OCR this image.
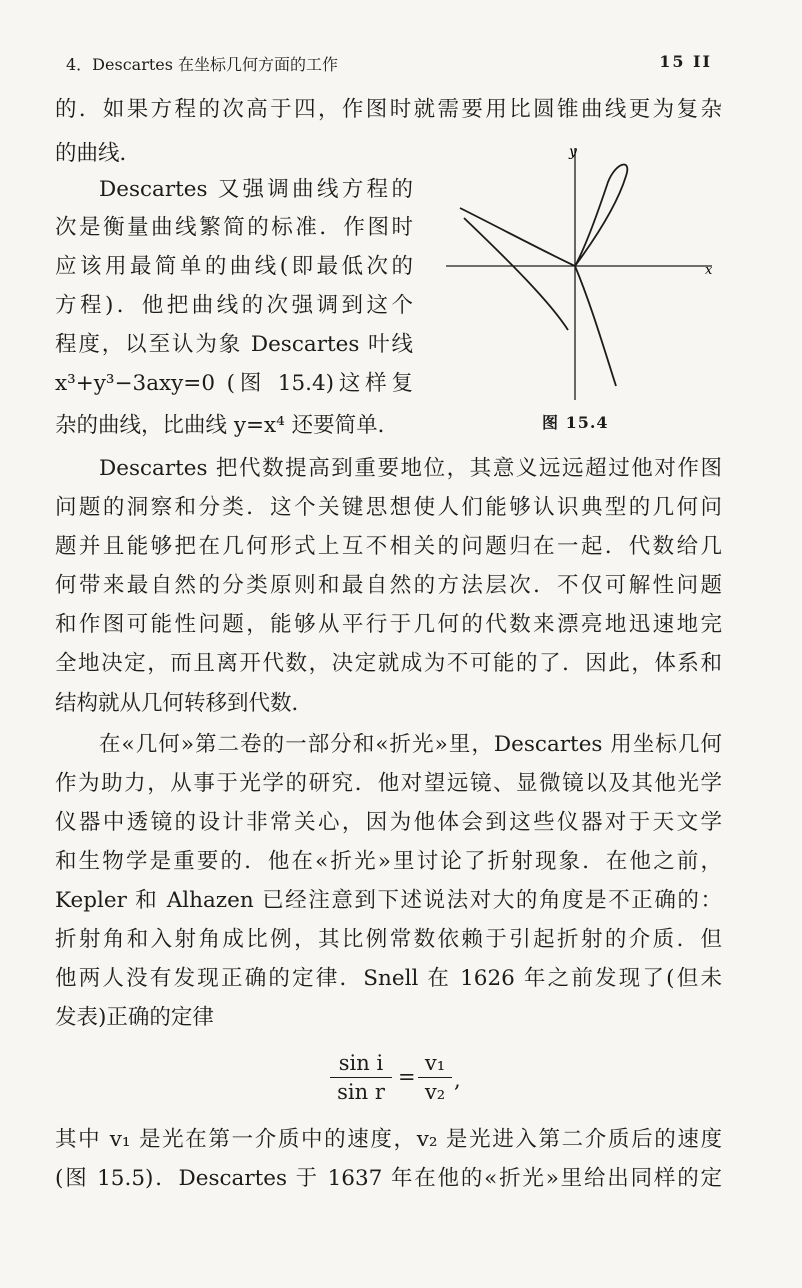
4．Descartes 在坐标几何方面的工作	15 II
的．如果方程的次高于四，作图时就需要用比圆锥曲线更为复杂
的曲线．
Descartes 又强调曲线方程的
次是衡量曲线繁简的标准．作图时
应该用最简单的曲线(即最低次的
方程)．他把曲线的次强调到这个
程度，以至认为象 Descartes 叶线
x³+y³−3axy=0 (图 15.4)这样复
杂的曲线，比曲线 y=x⁴ 还要简单．
x
y
图 15.4
Descartes 把代数提高到重要地位，其意义远远超过他对作图
问题的洞察和分类．这个关键思想使人们能够认识典型的几何问
题并且能够把在几何形式上互不相关的问题归在一起．代数给几
何带来最自然的分类原则和最自然的方法层次．不仅可解性问题
和作图可能性问题，能够从平行于几何的代数来漂亮地迅速地完
全地决定，而且离开代数，决定就成为不可能的了．因此，体系和
结构就从几何转移到代数．
在«几何»第二卷的一部分和«折光»里，Descartes 用坐标几何
作为助力，从事于光学的研究．他对望远镜、显微镜以及其他光学
仪器中透镜的设计非常关心，因为他体会到这些仪器对于天文学
和生物学是重要的．他在«折光»里讨论了折射现象．在他之前，
Kepler 和 Alhazen 已经注意到下述说法对大的角度是不正确的：
折射角和入射角成比例，其比例常数依赖于引起折射的介质．但
他两人没有发现正确的定律．Snell 在 1626 年之前发现了(但未
发表)正确的定律
sin i
sin r
=
v₁
v₂ ,
其中 v₁ 是光在第一介质中的速度，v₂ 是光进入第二介质后的速度
(图 15.5)．Descartes 于 1637 年在他的«折光»里给出同样的定
